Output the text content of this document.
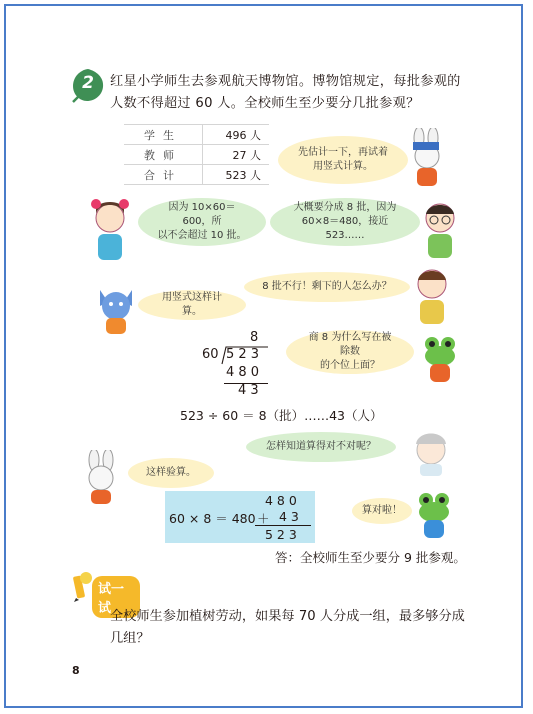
2	红星小学师生去参观航天博物馆。博物馆规定，每批参观的人数不得超过 60 人。全校师生至少要分几批参观？
学生	496 人
教师	27 人
合计	523 人
先估计一下，再试着
用竖式计算。
因为 10×60＝600，所
以不会超过 10 批。
大概要分成 8 批，因为
60×8＝480，接近 523……
8 批不行！剩下的人怎么办？
用竖式这样计算。
8
60 5 2 3
4 8 0
4 3
商 8 为什么写在被除数
的个位上面？
523 ÷ 60 ＝ 8（批）……43（人）
怎样知道算得对不对呢？
这样验算。
60 × 8 ＝ 480
4 8 0
＋ 4 3
5 2 3
算对啦！
答：全校师生至少要分 9 批参观。
试一试
全校师生参加植树劳动，如果每 70 人分成一组，最多够分成几组？
8
